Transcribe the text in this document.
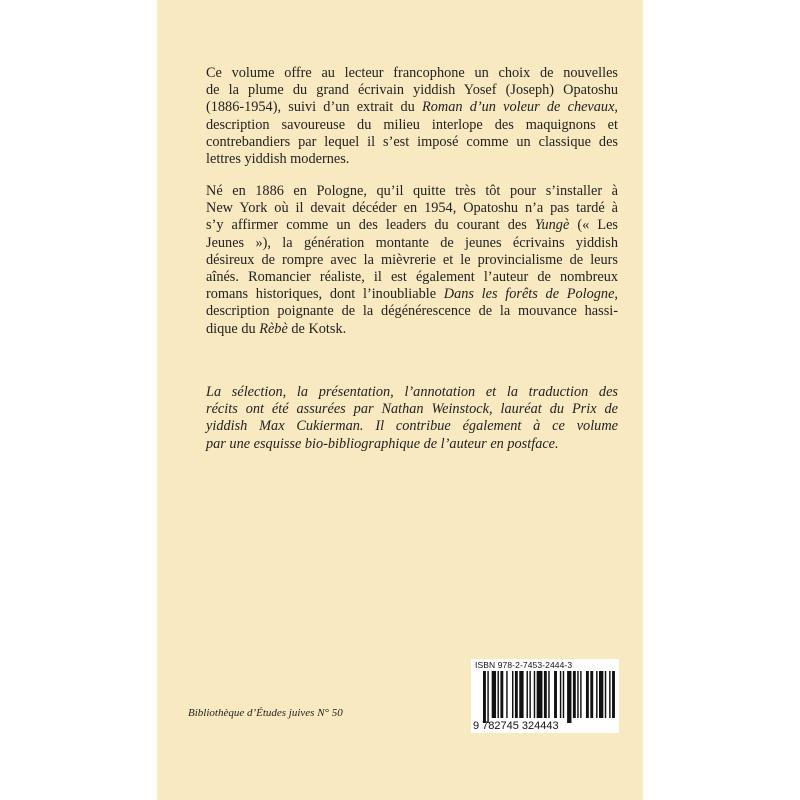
Ce volume offre au lecteur francophone un choix de nouvelles
de la plume du grand écrivain yiddish Yosef (Joseph) Opatoshu
(1886-1954), suivi d’un extrait du Roman d’un voleur de chevaux,
description savoureuse du milieu interlope des maquignons et
contrebandiers par lequel il s’est imposé comme un classique des
lettres yiddish modernes.
Né en 1886 en Pologne, qu’il quitte très tôt pour s’installer à
New York où il devait décéder en 1954, Opatoshu n’a pas tardé à
s’y affirmer comme un des leaders du courant des Yungè (« Les
Jeunes »), la génération montante de jeunes écrivains yiddish
désireux de rompre avec la mièvrerie et le provincialisme de leurs
aînés. Romancier réaliste, il est également l’auteur de nombreux
romans historiques, dont l’inoubliable Dans les forêts de Pologne,
description poignante de la dégénérescence de la mouvance hassi-
dique du Rèbè de Kotsk.
La sélection, la présentation, l’annotation et la traduction des
récits ont été assurées par Nathan Weinstock, lauréat du Prix de
yiddish Max Cukierman. Il contribue également à ce volume
par une esquisse bio-bibliographique de l’auteur en postface.
Bibliothèque d’Études juives N° 50
ISBN 978-2-7453-2444-3
9 782745 324443
